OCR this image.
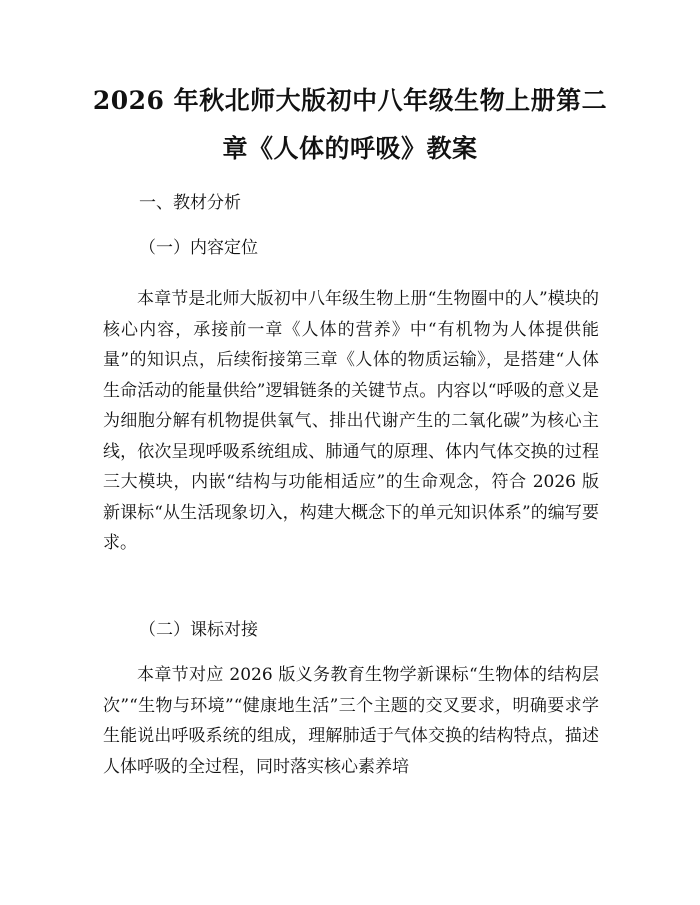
2026 年秋北师大版初中八年级生物上册第二
章《人体的呼吸》教案
一、教材分析
（一）内容定位

本章节是北师大版初中八年级生物上册“生物圈中的人”模块的核心内容，承接前一章《人体的营养》中“有机物为人体提供能量”的知识点，后续衔接第三章《人体的物质运输》，是搭建“人体生命活动的能量供给”逻辑链条的关键节点。内容以“呼吸的意义是为细胞分解有机物提供氧气、排出代谢产生的二氧化碳”为核心主线，依次呈现呼吸系统组成、肺通气的原理、体内气体交换的过程三大模块，内嵌“结构与功能相适应”的生命观念，符合 2026 版新课标“从生活现象切入，构建大概念下的单元知识体系”的编写要求。

（二）课标对接

本章节对应 2026 版义务教育生物学新课标“生物体的结构层次”“生物与环境”“健康地生活”三个主题的交叉要求，明确要求学生能说出呼吸系统的组成，理解肺适于气体交换的结构特点，描述人体呼吸的全过程，同时落实核心素养培
